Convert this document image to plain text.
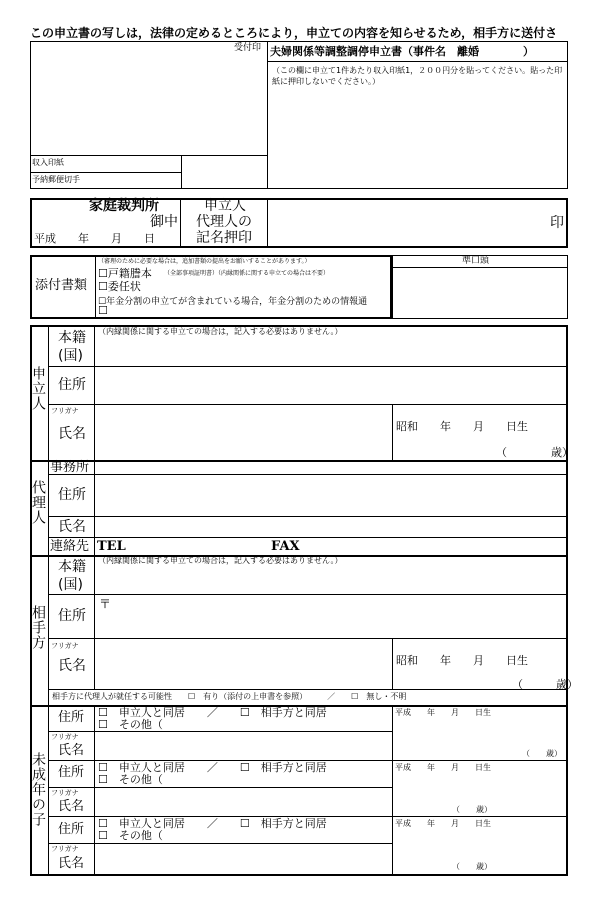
この申立書の写しは，法律の定めるところにより，申立ての内容を知らせるため，相手方に送付さ
受付印 夫婦関係等調整調停申立書（事件名　離婚　　　　）
（この欄に申立て1件あたり収入印紙1，２００円分を貼ってください。貼った印紙に押印しないでください。）
収入印紙
予納郵便切手
家庭裁判所
御中
平成　　年　　月　　日
申立人
代理人の
記名押印
印
添付書類
（審理のために必要な場合は，追加書類の提出をお願いすることがあります。）
☐戸籍謄本 （全部事項証明書）（内縁関係に関する申立ての場合は不要）
☐委任状
☐年金分割の申立てが含まれている場合，年金分割のための情報通
☐
準口頭
申立人
本籍
(国)
（内縁関係に関する申立ての場合は，記入する必要はありません。）
住所
フリガナ
氏名	昭和　　年　　月　　日生
（　　　　歳）
代理人
事務所
住所
氏名
連絡先 TEL	FAX
相手方
本籍
(国)
（内縁関係に関する申立ての場合は，記入する必要はありません。）
住所
〒
フリガナ
氏名	昭和　　年　　月　　日生
（　　　歳）
相手方に代理人が就任する可能性　　☐　有り（添付の上申書を参照）　　　／　　☐　無し・不明
未成年の子
住所 ☐　申立人と同居　　／　　☐　相手方と同居
☐　その他（
フリガナ
氏名
平成　　年　　月　　日生
（　　歳）
住所 ☐　申立人と同居　　／　　☐　相手方と同居
☐　その他（
フリガナ
氏名
平成　　年　　月　　日生
（　　歳）
住所 ☐　申立人と同居　　／　　☐　相手方と同居
☐　その他（
フリガナ
氏名
平成　　年　　月　　日生
（　　歳）
